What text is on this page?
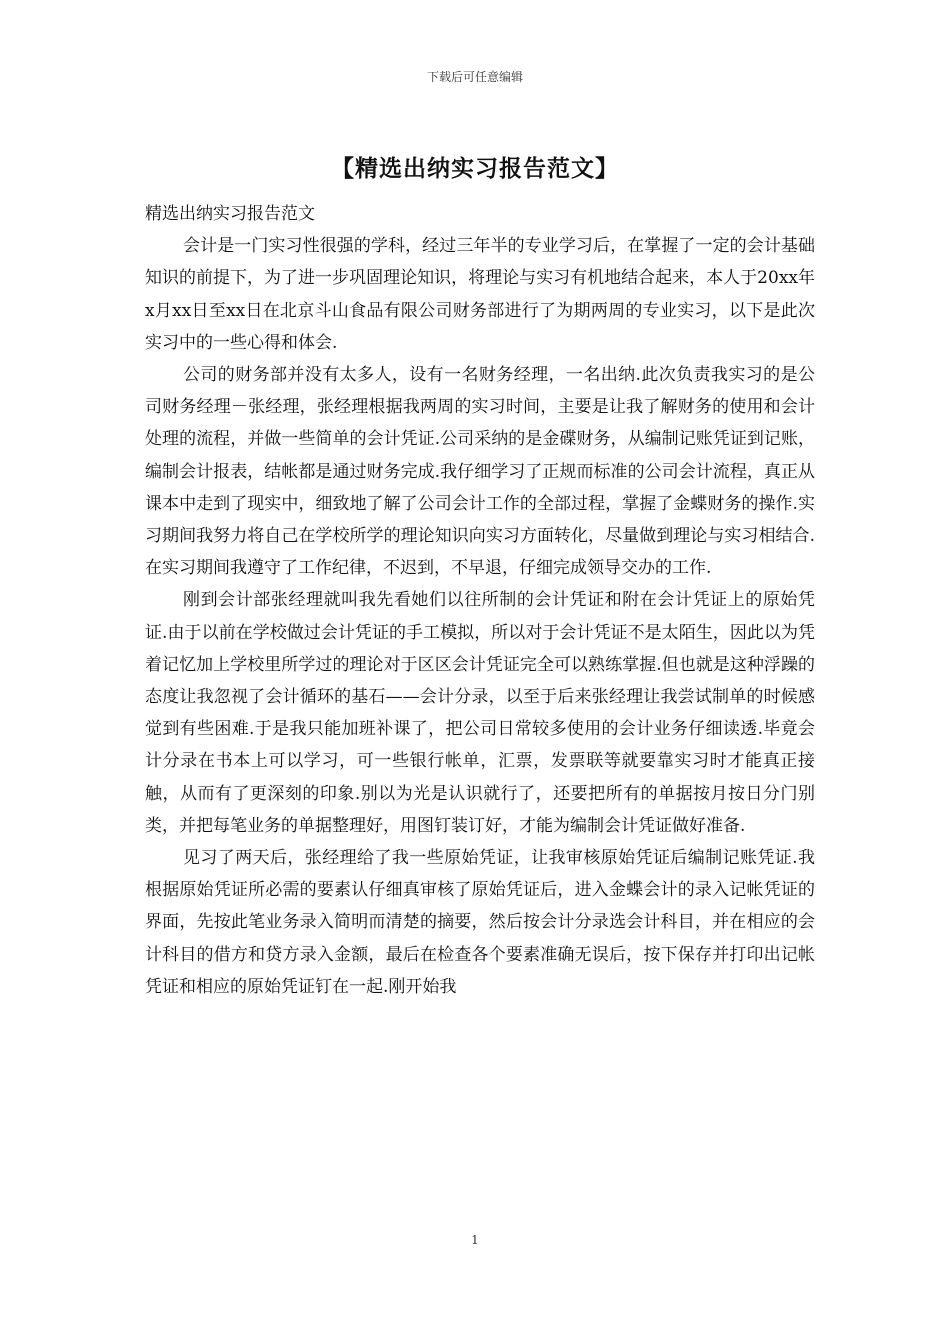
下载后可任意编辑
【精选出纳实习报告范文】

精选出纳实习报告范文

会计是一门实习性很强的学科，经过三年半的专业学习后，在掌握了一定的会计基础知识的前提下，为了进一步巩固理论知识，将理论与实习有机地结合起来，本人于20xx年x月xx日至xx日在北京斗山食品有限公司财务部进行了为期两周的专业实习，以下是此次实习中的一些心得和体会.

公司的财务部并没有太多人，设有一名财务经理，一名出纳.此次负责我实习的是公司财务经理－张经理，张经理根据我两周的实习时间，主要是让我了解财务的使用和会计处理的流程，并做一些简单的会计凭证.公司采纳的是金碟财务，从编制记账凭证到记账，编制会计报表，结帐都是通过财务完成.我仔细学习了正规而标准的公司会计流程，真正从课本中走到了现实中，细致地了解了公司会计工作的全部过程，掌握了金蝶财务的操作.实习期间我努力将自己在学校所学的理论知识向实习方面转化，尽量做到理论与实习相结合.在实习期间我遵守了工作纪律，不迟到，不早退，仔细完成领导交办的工作.

刚到会计部张经理就叫我先看她们以往所制的会计凭证和附在会计凭证上的原始凭证.由于以前在学校做过会计凭证的手工模拟，所以对于会计凭证不是太陌生，因此以为凭着记忆加上学校里所学过的理论对于区区会计凭证完全可以熟练掌握.但也就是这种浮躁的态度让我忽视了会计循环的基石——会计分录，以至于后来张经理让我尝试制单的时候感觉到有些困难.于是我只能加班补课了，把公司日常较多使用的会计业务仔细读透.毕竟会计分录在书本上可以学习，可一些银行帐单，汇票，发票联等就要靠实习时才能真正接触，从而有了更深刻的印象.别以为光是认识就行了，还要把所有的单据按月按日分门别类，并把每笔业务的单据整理好，用图钉装订好，才能为编制会计凭证做好准备.

见习了两天后，张经理给了我一些原始凭证，让我审核原始凭证后编制记账凭证.我根据原始凭证所必需的要素认仔细真审核了原始凭证后，进入金蝶会计的录入记帐凭证的界面，先按此笔业务录入简明而清楚的摘要，然后按会计分录选会计科目，并在相应的会计科目的借方和贷方录入金额，最后在检查各个要素准确无误后，按下保存并打印出记帐凭证和相应的原始凭证钉在一起.刚开始我

1
